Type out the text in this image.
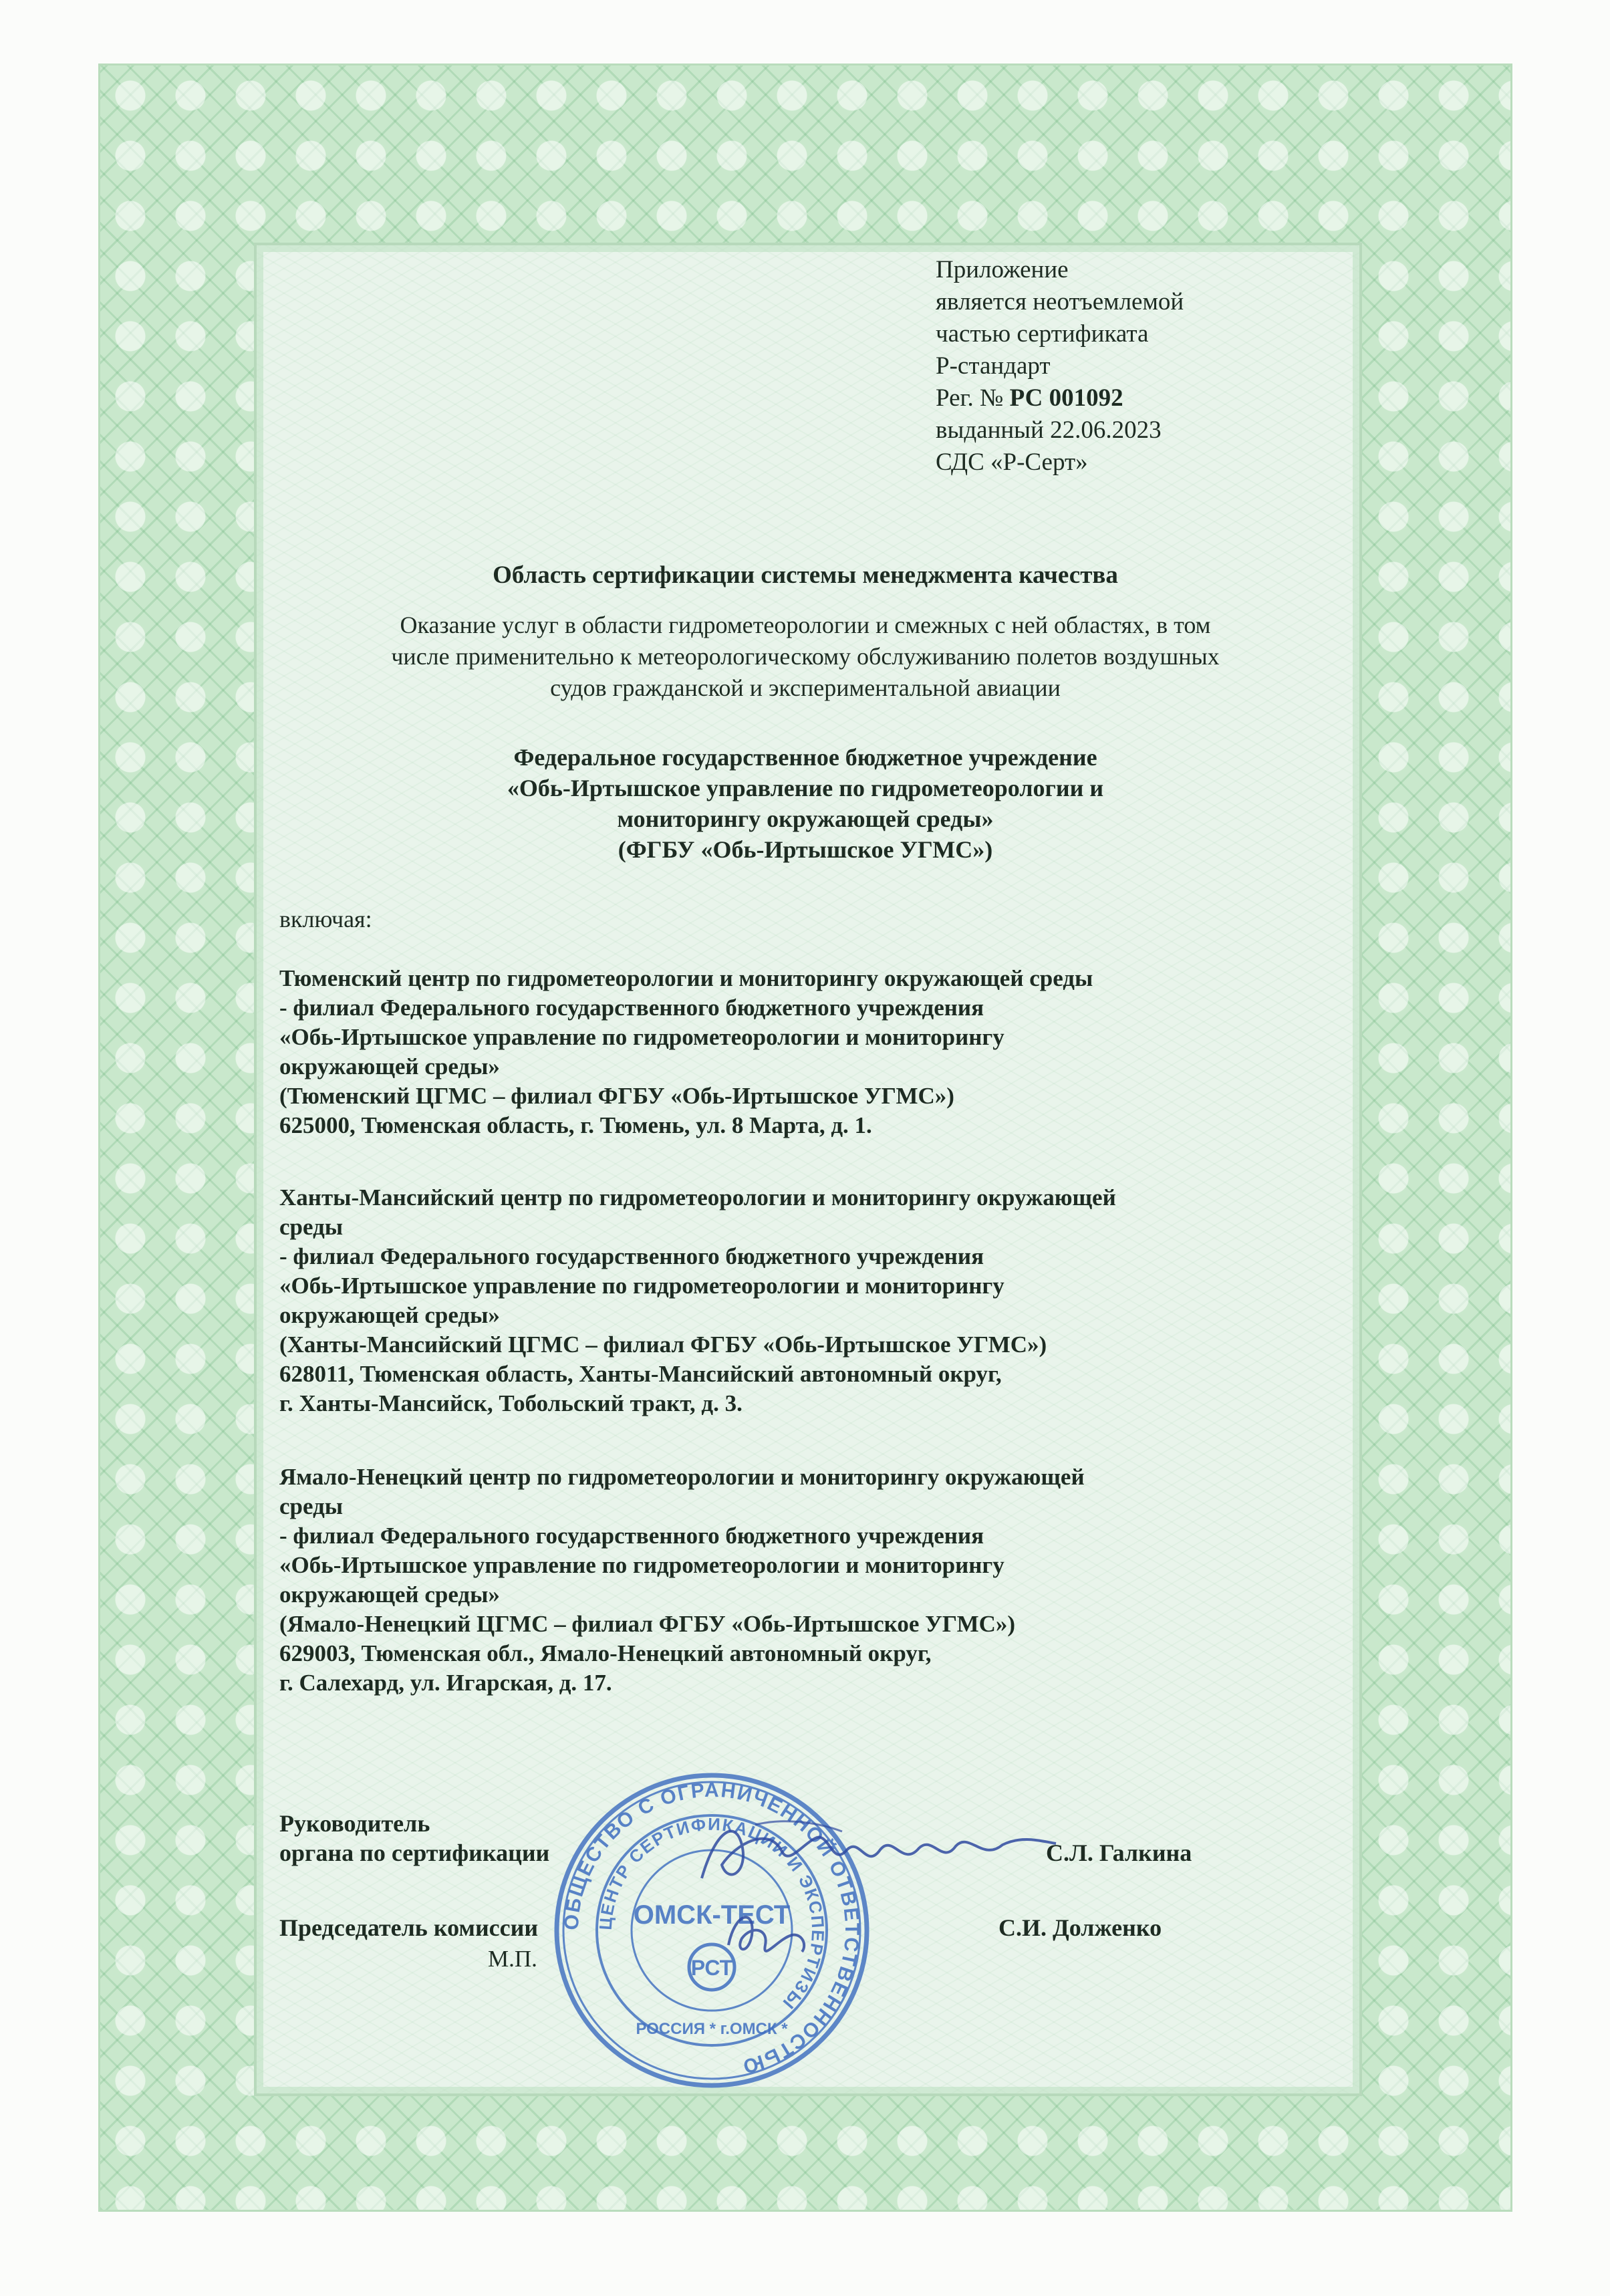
Приложение
является неотъемлемой
частью сертификата
Р-стандарт
Рег. № РС 001092
выданный 22.06.2023
СДС «Р-Серт»
Область сертификации системы менеджмента качества
Оказание услуг в области гидрометеорологии и смежных с ней областях, в том
числе применительно к метеорологическому обслуживанию полетов воздушных
судов гражданской и экспериментальной авиации
Федеральное государственное бюджетное учреждение
«Обь-Иртышское управление по гидрометеорологии и
мониторингу окружающей среды»
(ФГБУ «Обь-Иртышское УГМС»)
включая:
Тюменский центр по гидрометеорологии и мониторингу окружающей среды
- филиал Федерального государственного бюджетного учреждения
«Обь-Иртышское управление по гидрометеорологии и мониторингу
окружающей среды»
(Тюменский ЦГМС – филиал ФГБУ «Обь-Иртышское УГМС»)
625000, Тюменская область, г. Тюмень, ул. 8 Марта, д. 1.
Ханты-Мансийский центр по гидрометеорологии и мониторингу окружающей
среды
- филиал Федерального государственного бюджетного учреждения
«Обь-Иртышское управление по гидрометеорологии и мониторингу
окружающей среды»
(Ханты-Мансийский ЦГМС – филиал ФГБУ «Обь-Иртышское УГМС»)
628011, Тюменская область, Ханты-Мансийский автономный округ,
г. Ханты-Мансийск, Тобольский тракт, д. 3.
Ямало-Ненецкий центр по гидрометеорологии и мониторингу окружающей
среды
- филиал Федерального государственного бюджетного учреждения
«Обь-Иртышское управление по гидрометеорологии и мониторингу
окружающей среды»
(Ямало-Ненецкий ЦГМС – филиал ФГБУ «Обь-Иртышское УГМС»)
629003, Тюменская обл., Ямало-Ненецкий автономный округ,
г. Салехард, ул. Игарская, д. 17.
Руководитель
органа по сертификации	С.Л. Галкина
Председатель комиссии	С.И. Долженко
М.П.
ОБЩЕСТВО С ОГРАНИЧЕННОЙ ОТВЕТСТВЕННОСТЬЮ
ЦЕНТР СЕРТИФИКАЦИИ И ЭКСПЕРТИЗЫ
ОМСК-ТЕСТ
РСТ
РОССИЯ * г.ОМСК *
